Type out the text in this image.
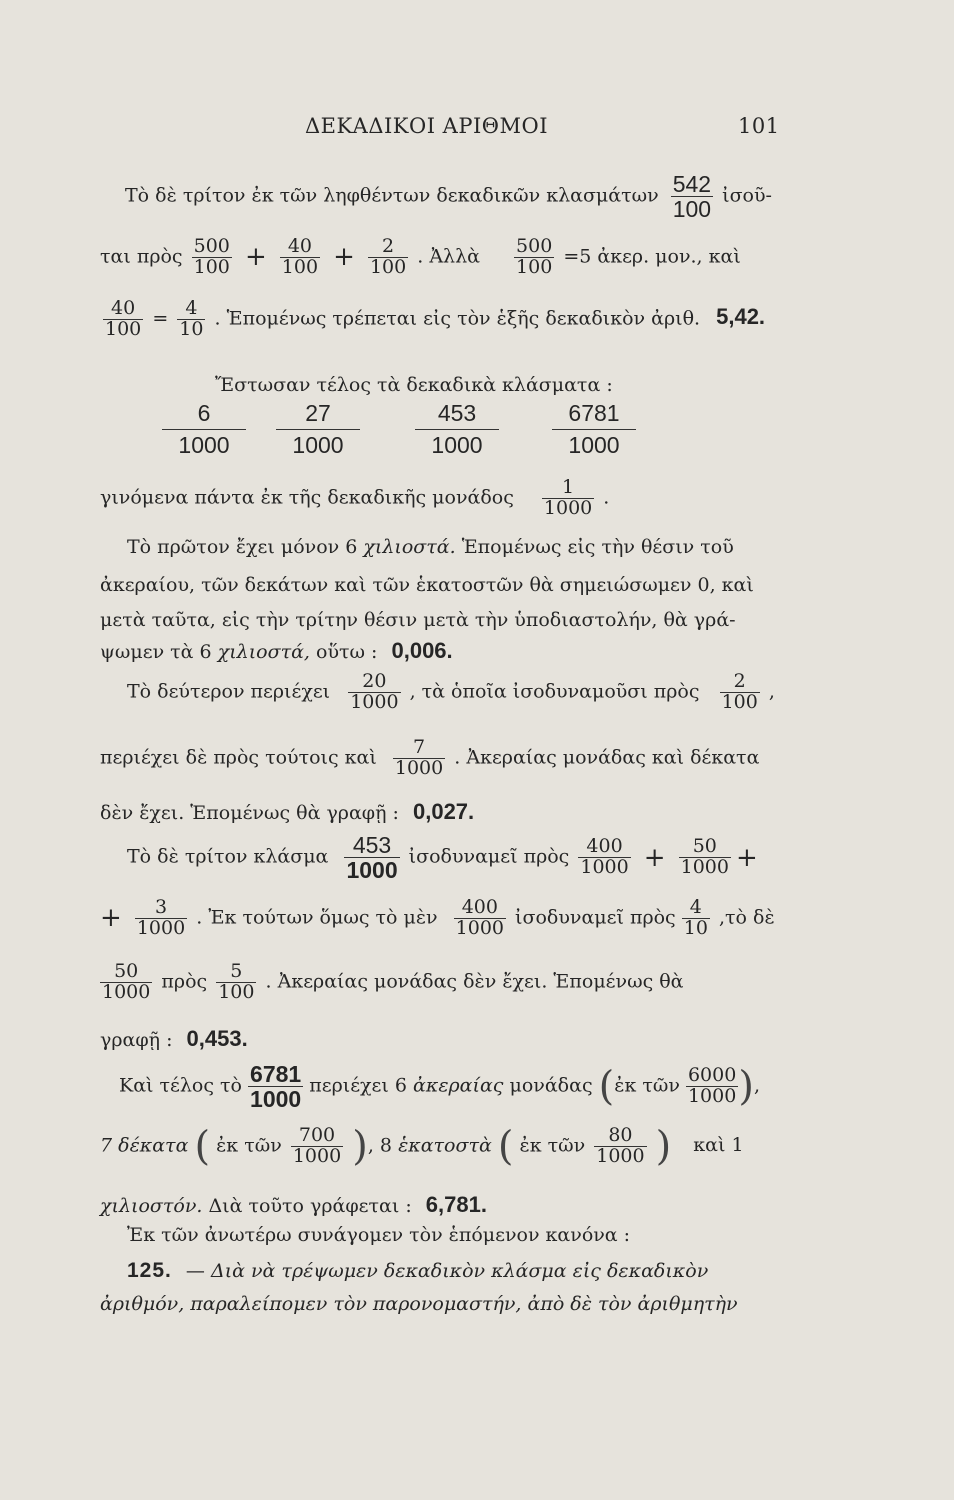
ΔΕΚΑΔΙΚΟΙ ΑΡΙΘΜΟΙ	101
Τὸ δὲ τρίτον ἐκ τῶν ληφθέντων δεκαδικῶν κλασμάτων $\frac{542}{100}$ ἰσοῦ-
ται πρὸς $\frac{500}{100} + \frac{40}{100} + \frac{2}{100}$ . Ἀλλὰ $\frac{500}{100} =5$ ἀκερ. μον., καὶ
$\frac{40}{100} = \frac{4}{10}$ . Ἑπομένως τρέπεται εἰς τὸν ἑξῆς δεκαδικὸν ἀριθ. 5,42.
Ἔστωσαν τέλος τὰ δεκαδικὰ κλάσματα :
6
1000
27
1000
453
1000
6781
1000
γινόμενα πάντα ἐκ τῆς δεκαδικῆς μονάδος $\frac{1}{1000}$ .
Τὸ πρῶτον ἔχει μόνον 6 χιλιοστά. Ἑπομένως εἰς τὴν θέσιν τοῦ
ἀκεραίου, τῶν δεκάτων καὶ τῶν ἑκατοστῶν θὰ σημειώσωμεν 0, καὶ
μετὰ ταῦτα, εἰς τὴν τρίτην θέσιν μετὰ τὴν ὑποδιαστολήν, θὰ γρά-
ψωμεν τὰ 6 χιλιοστά, οὕτω : 0,006.
Τὸ δεύτερον περιέχει $\frac{20}{1000}$ , τὰ ὁποῖα ἰσοδυναμοῦσι πρὸς $\frac{2}{100}$ ,
περιέχει δὲ πρὸς τούτοις καὶ $\frac{7}{1000}$ . Ἀκεραίας μονάδας καὶ δέκατα
δὲν ἔχει. Ἑπομένως θὰ γραφῇ : 0,027.
Τὸ δὲ τρίτον κλάσμα $\frac{453}{1000}$ ἰσοδυναμεῖ πρὸς $\frac{400}{1000} + \frac{50}{1000}$ +
+ $\frac{3}{1000}$ . Ἐκ τούτων ὅμως τὸ μὲν $\frac{400}{1000}$ ἰσοδυναμεῖ πρὸς $\frac{4}{10}$ ,τὸ δὲ
$\frac{50}{1000}$ πρὸς $\frac{5}{100}$ . Ἀκεραίας μονάδας δὲν ἔχει. Ἑπομένως θὰ
γραφῇ : 0,453.
Καὶ τέλος τὸ $\frac{6781}{1000}$ περιέχει 6 ἀκεραίας μονάδας (ἐκ τῶν $\frac{6000}{1000}$ ),
7 δέκατα ( ἐκ τῶν $\frac{700}{1000}$ ), 8 ἑκατοστὰ ( ἐκ τῶν $\frac{80}{1000}$ ) καὶ 1
χιλιοστόν. Διὰ τοῦτο γράφεται : 6,781.
Ἐκ τῶν ἀνωτέρω συνάγομεν τὸν ἑπόμενον κανόνα :
125. — Διὰ νὰ τρέψωμεν δεκαδικὸν κλάσμα εἰς δεκαδικὸν
ἀριθμόν, παραλείπομεν τὸν παρονομαστήν, ἀπὸ δὲ τὸν ἀριθμητὴν
